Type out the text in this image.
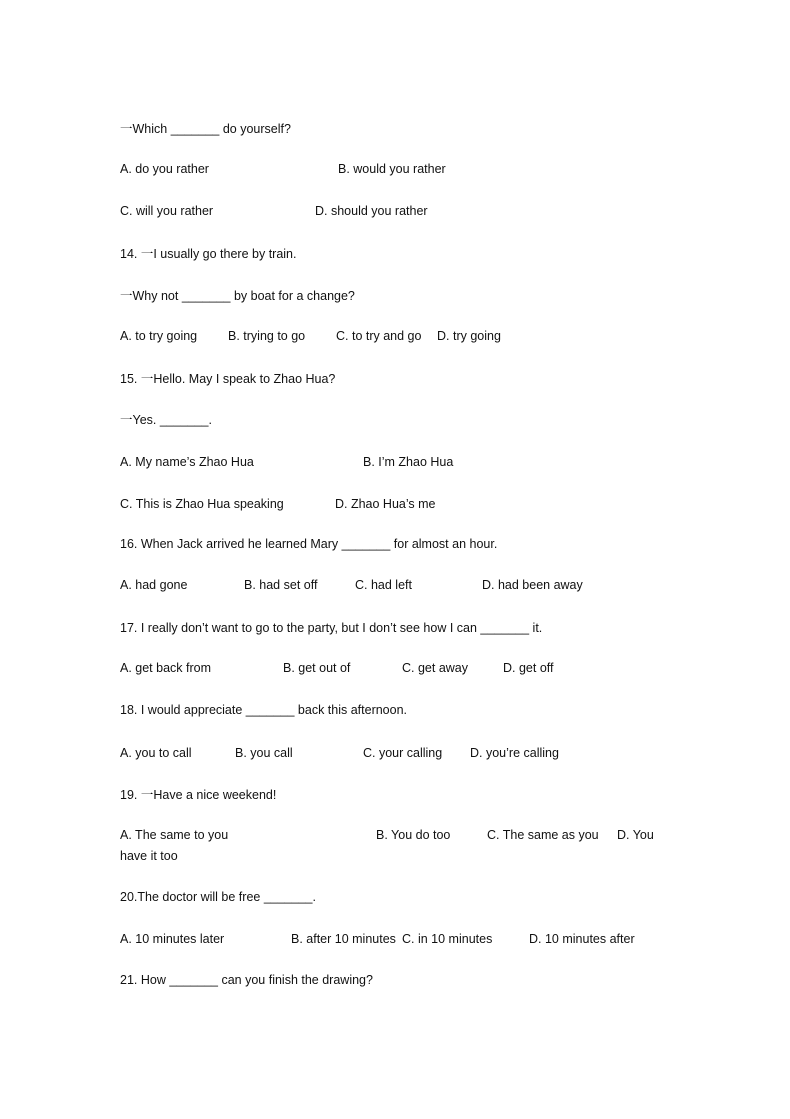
一Which _______ do yourself?
A. do you rather	B. would you rather
C. will you rather	D. should you rather
14. 一I usually go there by train.
一Why not _______ by boat for a change?
A. to try going B. trying to go C. to try and go D. try going
15. 一Hello. May I speak to Zhao Hua?
一Yes. _______.
A. My name’s Zhao Hua	B. I’m Zhao Hua
C. This is Zhao Hua speaking	D. Zhao Hua’s me
16. When Jack arrived he learned Mary _______ for almost an hour.
A. had gone	B. had set off	C. had left	D. had been away
17. I really don’t want to go to the party, but I don’t see how I can _______ it.
A. get back from	B. get out of	C. get away	D. get off
18. I would appreciate _______ back this afternoon.
A. you to call	B. you call	C. your calling D. you’re calling
19. 一Have a nice weekend!
A. The same to you	B. You do too	C. The same as you D. You
have it too
20.The doctor will be free _______.
A. 10 minutes later	B. after 10 minutes C. in 10 minutes	D. 10 minutes after
21. How _______ can you finish the drawing?
